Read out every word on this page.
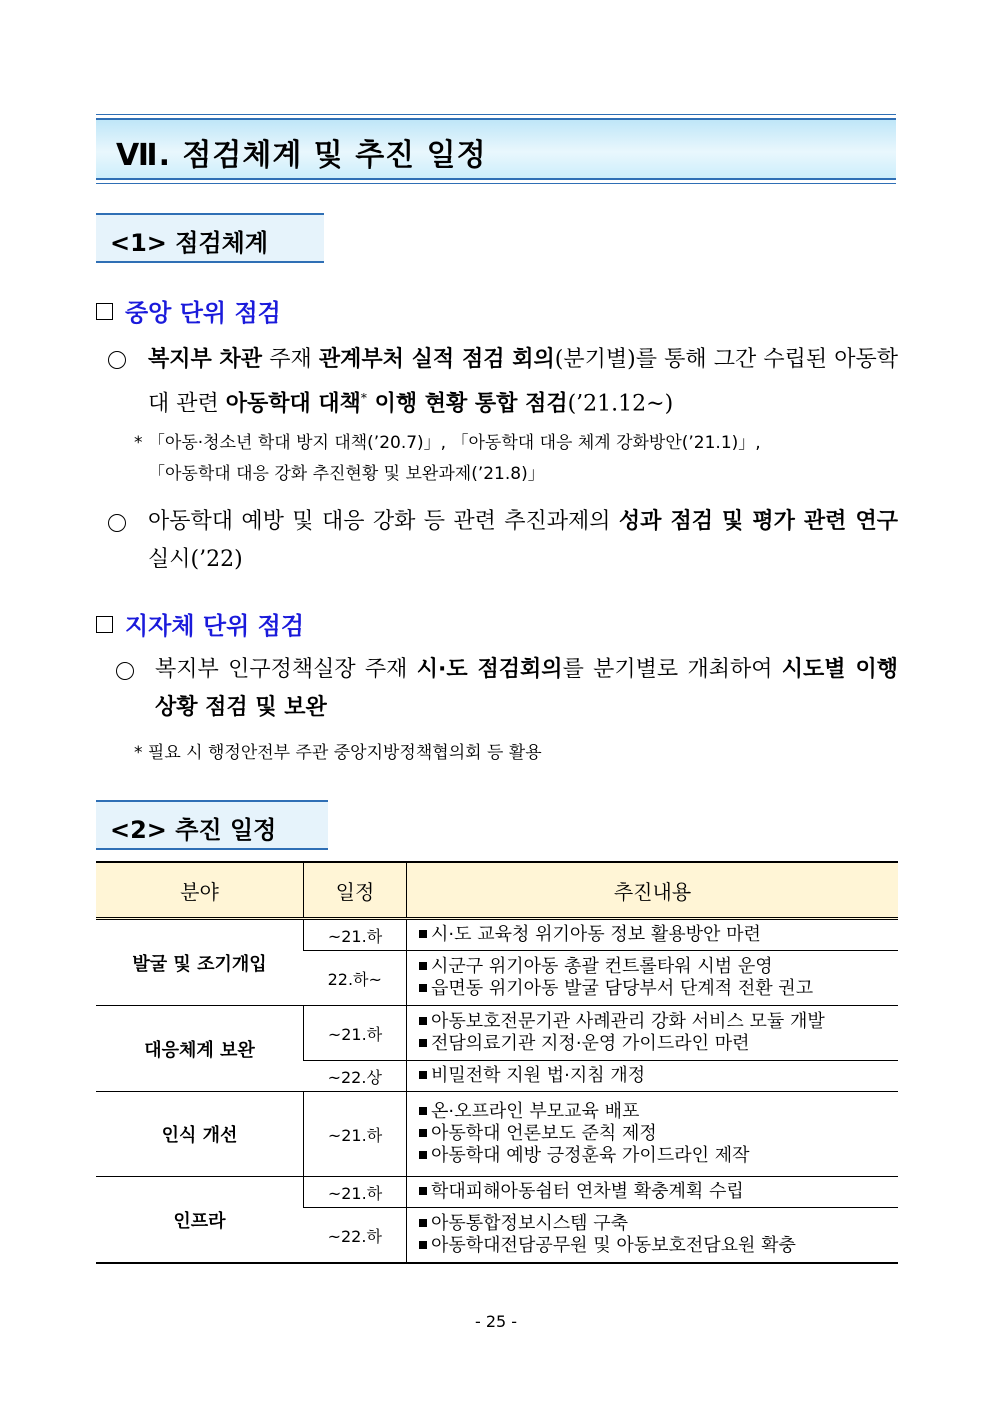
Ⅶ. 점검체계 및 추진 일정
<1> 점검체계
중앙 단위 점검
복지부 차관 주재 관계부처 실적 점검 회의(분기별)를 통해 그간 수립된 아동학대 관련 아동학대 대책* 이행 현황 통합 점검(’21.12~)
* 「아동·청소년 학대 방지 대책(’20.7)」, 「아동학대 대응 체계 강화방안(’21.1)」,
「아동학대 대응 강화 추진현황 및 보완과제(’21.8)」
아동학대 예방 및 대응 강화 등 관련 추진과제의 성과 점검 및 평가 관련 연구 실시(’22)
지자체 단위 점검
복지부 인구정책실장 주재 시·도 점검회의를 분기별로 개최하여 시도별 이행상황 점검 및 보완
* 필요 시 행정안전부 주관 중앙지방정책협의회 등 활용
<2> 추진 일정
분야	일정	추진내용
발굴 및 조기개입	~21.하	시·도 교육청 위기아동 정보 활용방안 마련
	22.하~	시군구 위기아동 총괄 컨트롤타워 시범 운영
읍면동 위기아동 발굴 담당부서 단계적 전환 권고

대응체계 보완	~21.하	아동보호전문기관 사례관리 강화 서비스 모듈 개발
전담의료기관 지정·운영 가이드라인 마련

	~22.상	비밀전학 지원 법·지침 개정
인식 개선	~21.하	온·오프라인 부모교육 배포
아동학대 언론보도 준칙 제정
아동학대 예방 긍정훈육 가이드라인 제작

인프라	~21.하	학대피해아동쉼터 연차별 확충계획 수립
	~22.하	아동통합정보시스템 구축
아동학대전담공무원 및 아동보호전담요원 확충
- 25 -
